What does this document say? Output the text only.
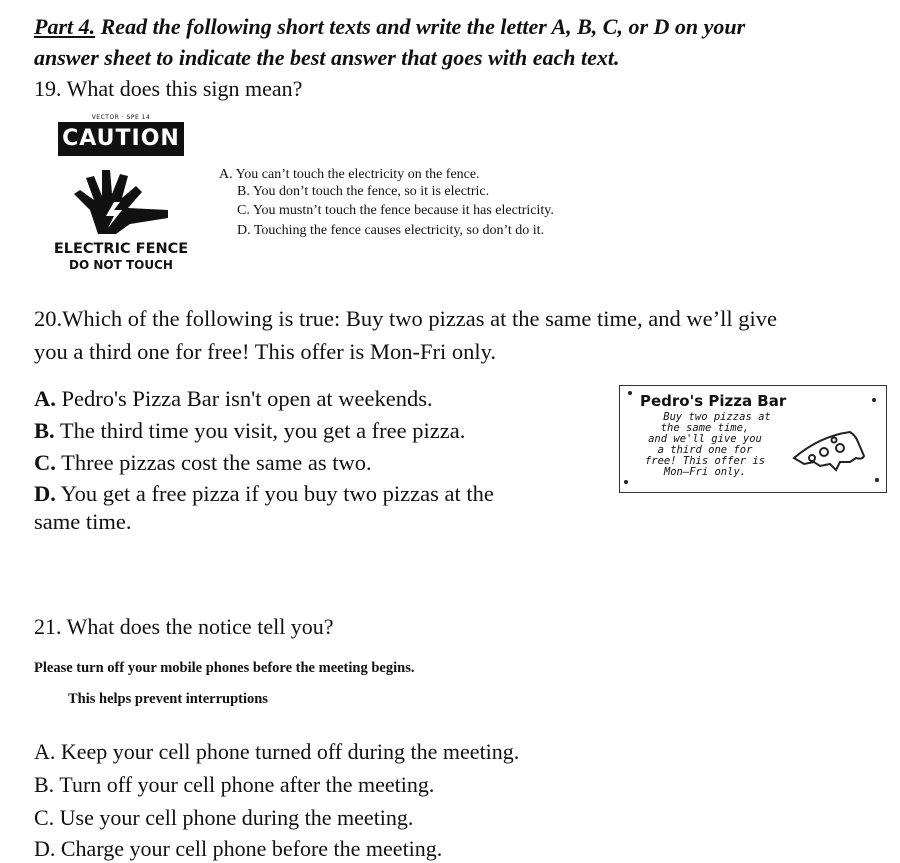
Part 4. Read the following short texts and write the letter A, B, C, or D on your
answer sheet to indicate the best answer that goes with each text.
19. What does this sign mean?
VECTOR · SPE 14
CAUTION
ELECTRIC FENCE
DO NOT TOUCH
A. You can’t touch the electricity on the fence.
B. You don’t touch the fence, so it is electric.
C. You mustn’t touch the fence because it has electricity.
D. Touching the fence causes electricity, so don’t do it.
20.Which of the following is true: Buy two pizzas at the same time, and we’ll give
you a third one for free! This offer is Mon-Fri only.
A. Pedro's Pizza Bar isn't open at weekends.
B. The third time you visit, you get a free pizza.
C. Three pizzas cost the same as two.
D. You get a free pizza if you buy two pizzas at the
same time.
Pedro's Pizza Bar
Buy two pizzas at
the same time,
and we'll give you
a third one for
free! This offer is
Mon—Fri only.
21. What does the notice tell you?
Please turn off your mobile phones before the meeting begins.
This helps prevent interruptions
A. Keep your cell phone turned off during the meeting.
B. Turn off your cell phone after the meeting.
C. Use your cell phone during the meeting.
D. Charge your cell phone before the meeting.
